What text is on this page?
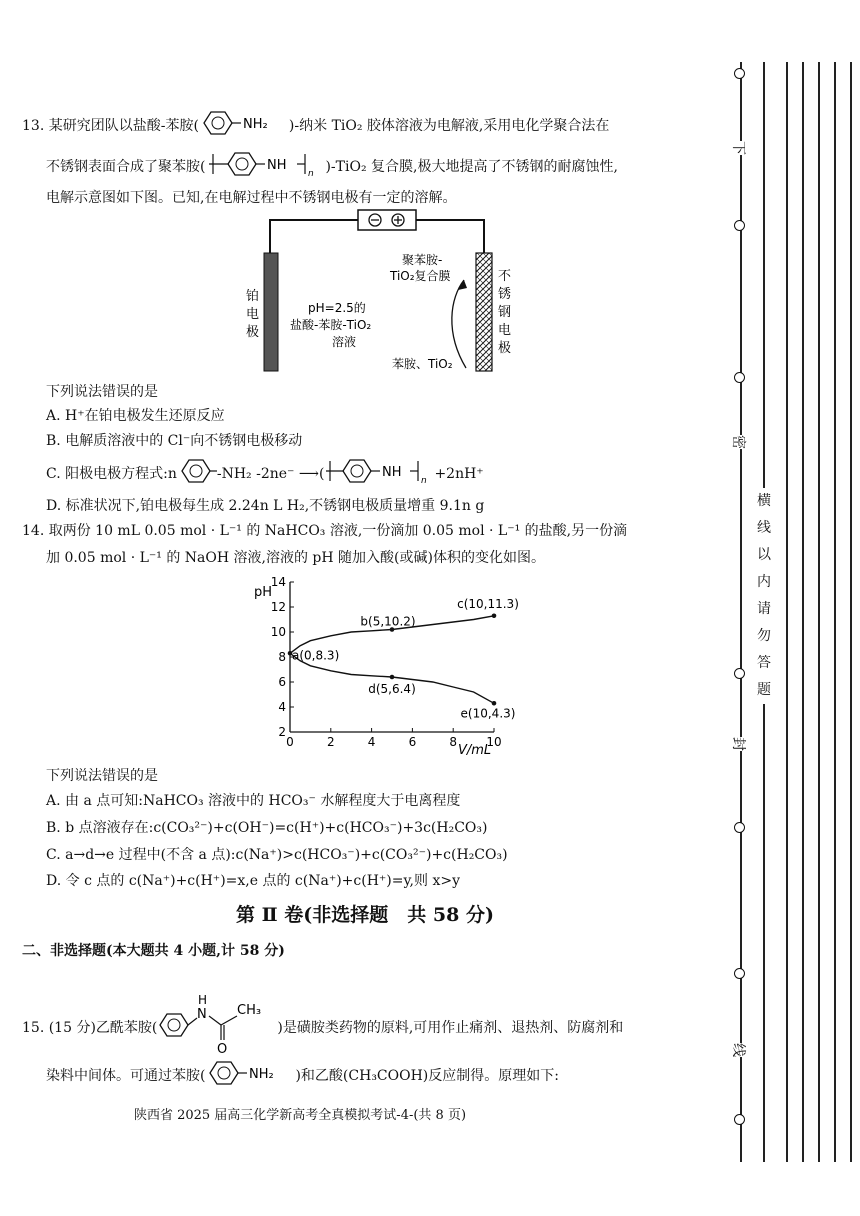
13. 某研究团队以盐酸-苯胺(	NH₂ )-纳米 TiO₂ 胶体溶液为电解液,采用电化学聚合法在
不锈钢表面合成了聚苯胺(	NH
n )-TiO₂ 复合膜,极大地提高了不锈钢的耐腐蚀性,
电解示意图如下图。已知,在电解过程中不锈钢电极有一定的溶解。
铂
电
极
不
锈
钢
电
极
聚苯胺-
TiO₂复合膜
pH=2.5的
盐酸-苯胺-TiO₂
溶液
苯胺、TiO₂
下列说法错误的是
A. H⁺在铂电极发生还原反应
B. 电解质溶液中的 Cl⁻向不锈钢电极移动
C. 阳极电极方程式:n	-NH₂ -2ne⁻ ⟶(	NH
n +2nH⁺
D. 标准状况下,铂电极每生成 2.24n L H₂,不锈钢电极质量增重 9.1n g
14. 取两份 10 mL 0.05 mol · L⁻¹ 的 NaHCO₃ 溶液,一份滴加 0.05 mol · L⁻¹ 的盐酸,另一份滴
加 0.05 mol · L⁻¹ 的 NaOH 溶液,溶液的 pH 随加入酸(或碱)体积的变化如图。
0	2	4	6	8 10
2
4
6
8
10
12
14
a(0,8.3)
b(5,10.2)
c(10,11.3)
d(5,6.4)
e(10,4.3)
pH
V/mL
下列说法错误的是
A. 由 a 点可知:NaHCO₃ 溶液中的 HCO₃⁻ 水解程度大于电离程度
B. b 点溶液存在:c(CO₃²⁻)+c(OH⁻)=c(H⁺)+c(HCO₃⁻)+3c(H₂CO₃)
C. a→d→e 过程中(不含 a 点):c(Na⁺)>c(HCO₃⁻)+c(CO₃²⁻)+c(H₂CO₃)
D. 令 c 点的 c(Na⁺)+c(H⁺)=x,e 点的 c(Na⁺)+c(H⁺)=y,则 x>y
第 Ⅱ 卷(非选择题　共 58 分)
二、非选择题(本大题共 4 小题,计 58 分)
15. (15 分)乙酰苯胺(
N
H
O
CH₃
)是磺胺类药物的原料,可用作止痛剂、退热剂、防腐剂和
染料中间体。可通过苯胺(	NH₂ )和乙酸(CH₃COOH)反应制得。原理如下:
陕西省 2025 届高三化学新高考全真模拟考试-4-(共 8 页)
下
密
封
线
横
线
以
内
请
勿
答
题
